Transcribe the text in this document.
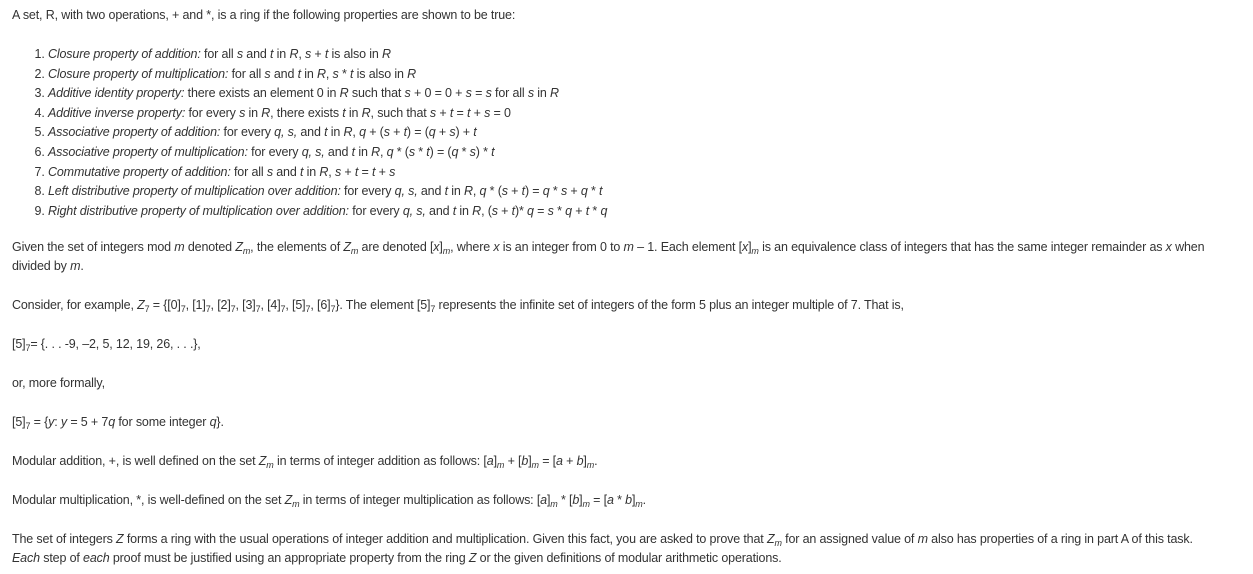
A set, R, with two operations, + and *, is a ring if the following properties are shown to be true:

1. Closure property of addition: for all s and t in R, s + t is also in R
2. Closure property of multiplication: for all s and t in R, s * t is also in R
3. Additive identity property: there exists an element 0 in R such that s + 0 = 0 + s = s for all s in R
4. Additive inverse property: for every s in R, there exists t in R, such that s + t = t + s = 0
5. Associative property of addition: for every q, s, and t in R, q + (s + t) = (q + s) + t
6. Associative property of multiplication: for every q, s, and t in R, q * (s * t) = (q * s) * t
7. Commutative property of addition: for all s and t in R, s + t = t + s
8. Left distributive property of multiplication over addition: for every q, s, and t in R, q * (s + t) = q * s + q * t
9. Right distributive property of multiplication over addition: for every q, s, and t in R, (s + t)* q = s * q + t * q

Given the set of integers mod m denoted $Z_m$, the elements of $Z_m$ are denoted $[x]_m$, where x is an integer from 0 to m – 1. Each element $[x]_m$ is an equivalence class of integers that has the same integer remainder as x when divided by m.

Consider, for example, $Z_7 = \{[0]_7$, $[1]_7$, $[2]_7$, $[3]_7$, $[4]_7$, $[5]_7$, $[6]_7$}. The element $[5]_7$ represents the infinite set of integers of the form 5 plus an integer multiple of 7. That is,

$[5]_7=$ {. . . -9, –2, 5, 12, 19, 26, . . .},

or, more formally,

$[5]_7 = \{y$: y = 5 + 7q for some integer q}.

Modular addition, +, is well defined on the set $Z_m$ in terms of integer addition as follows: $[a]_m + [b]_m = [a + b]_m$.

Modular multiplication, *, is well-defined on the set $Z_m$ in terms of integer multiplication as follows: $[a]_m * [b]_m = [a * b]_m$.

The set of integers Z forms a ring with the usual operations of integer addition and multiplication. Given this fact, you are asked to prove that $Z_m$ for an assigned value of m also has properties of a ring in part A of this task. Each step of each proof must be justified using an appropriate property from the ring Z or the given definitions of modular arithmetic operations.
